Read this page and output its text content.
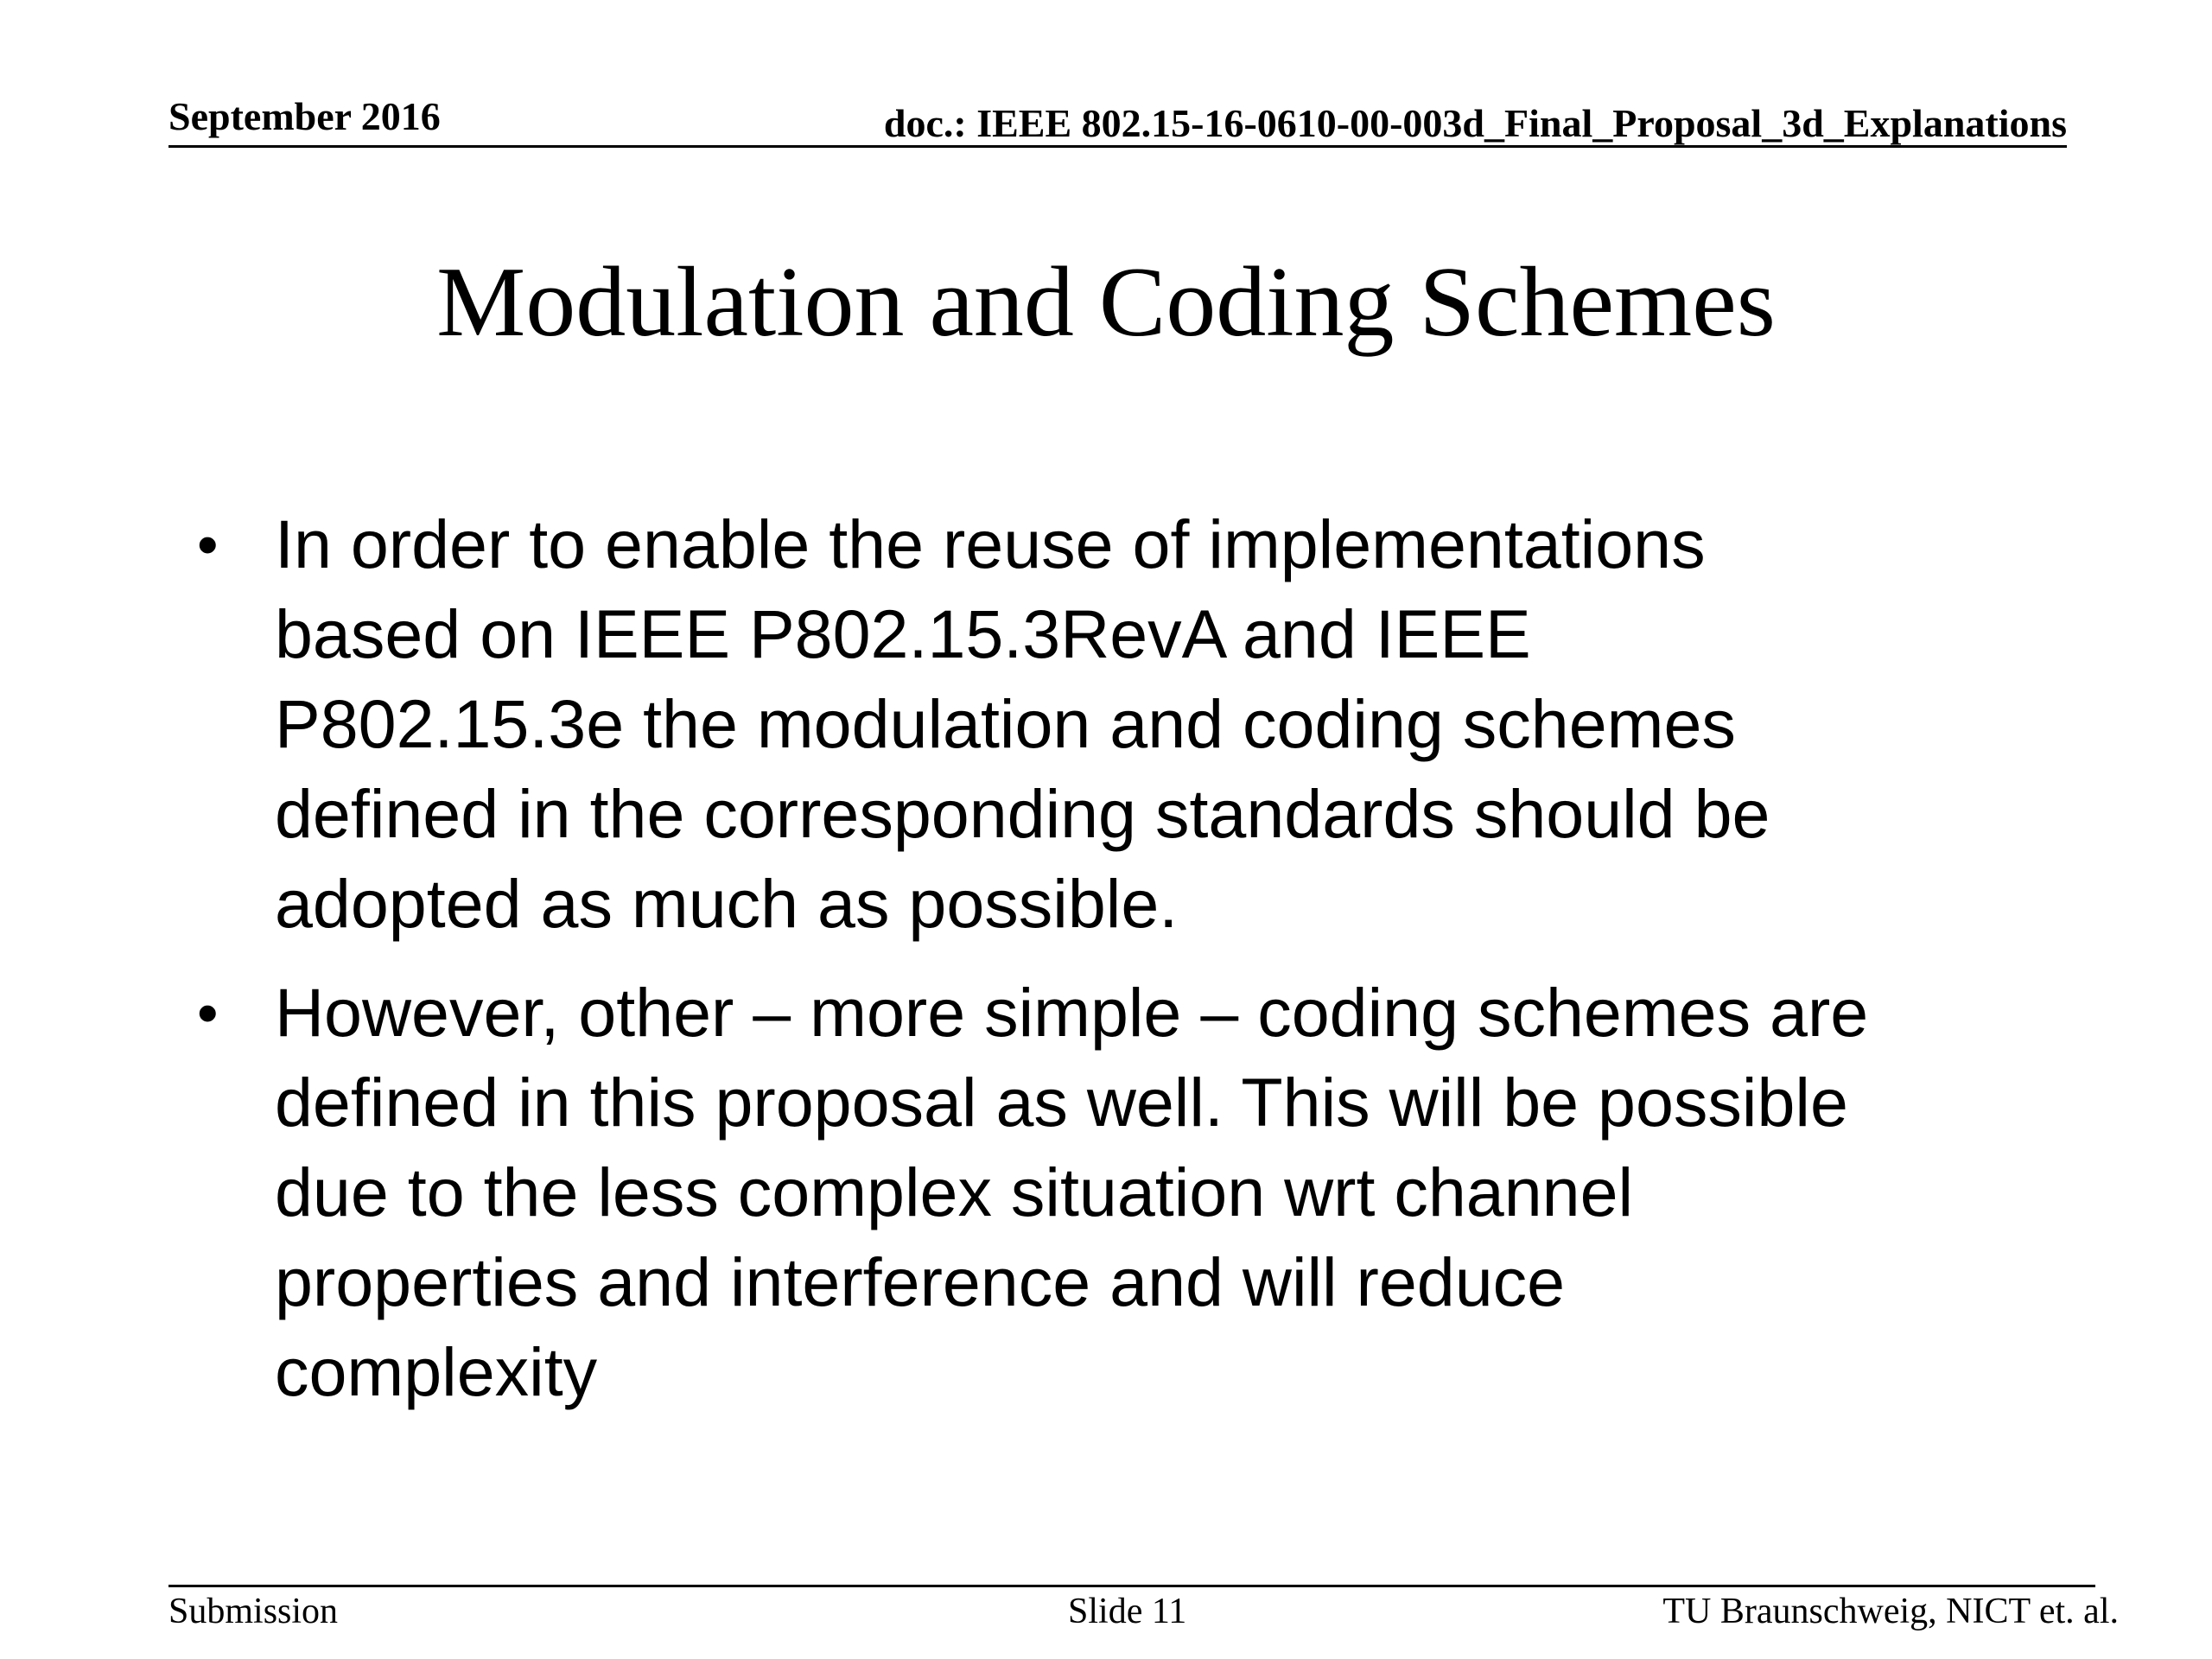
September 2016	doc.: IEEE 802.15-16-0610-00-003d_Final_Proposal_3d_Explanations
Modulation and Coding Schemes
• In order to enable the reuse of implementations
based on IEEE P802.15.3RevA and IEEE
P802.15.3e the modulation and coding schemes
defined in the corresponding standards should be
adopted as much as possible.
• However, other – more simple – coding schemes are
defined in this proposal as well. This will be possible
due to the less complex situation wrt channel
properties and interference and will reduce
complexity
Submission	Slide 11	TU Braunschweig, NICT et. al.
